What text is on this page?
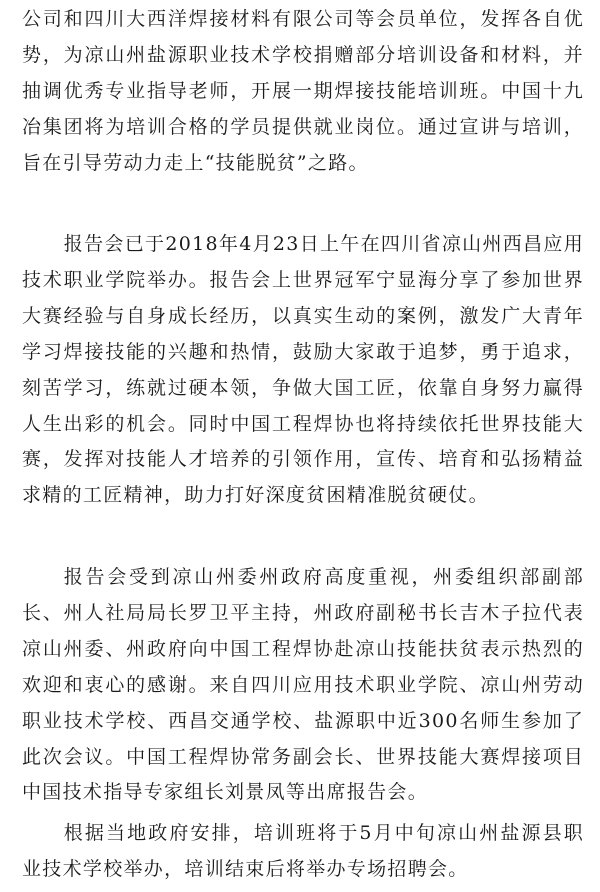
公司和四川大西洋焊接材料有限公司等会员单位，发挥各自优势，为凉山州盐源职业技术学校捐赠部分培训设备和材料，并抽调优秀专业指导老师，开展一期焊接技能培训班。中国十九冶集团将为培训合格的学员提供就业岗位。通过宣讲与培训，旨在引导劳动力走上“技能脱贫”之路。

报告会已于2018年4月23日上午在四川省凉山州西昌应用技术职业学院举办。报告会上世界冠军宁显海分享了参加世界大赛经验与自身成长经历，以真实生动的案例，激发广大青年学习焊接技能的兴趣和热情，鼓励大家敢于追梦，勇于追求，刻苦学习，练就过硬本领，争做大国工匠，依靠自身努力赢得人生出彩的机会。同时中国工程焊协也将持续依托世界技能大赛，发挥对技能人才培养的引领作用，宣传、培育和弘扬精益求精的工匠精神，助力打好深度贫困精准脱贫硬仗。

报告会受到凉山州委州政府高度重视，州委组织部副部长、州人社局局长罗卫平主持，州政府副秘书长吉木子拉代表凉山州委、州政府向中国工程焊协赴凉山技能扶贫表示热烈的欢迎和衷心的感谢。来自四川应用技术职业学院、凉山州劳动职业技术学校、西昌交通学校、盐源职中近300名师生参加了此次会议。中国工程焊协常务副会长、世界技能大赛焊接项目中国技术指导专家组长刘景凤等出席报告会。

根据当地政府安排，培训班将于5月中旬凉山州盐源县职业技术学校举办，培训结束后将举办专场招聘会。
